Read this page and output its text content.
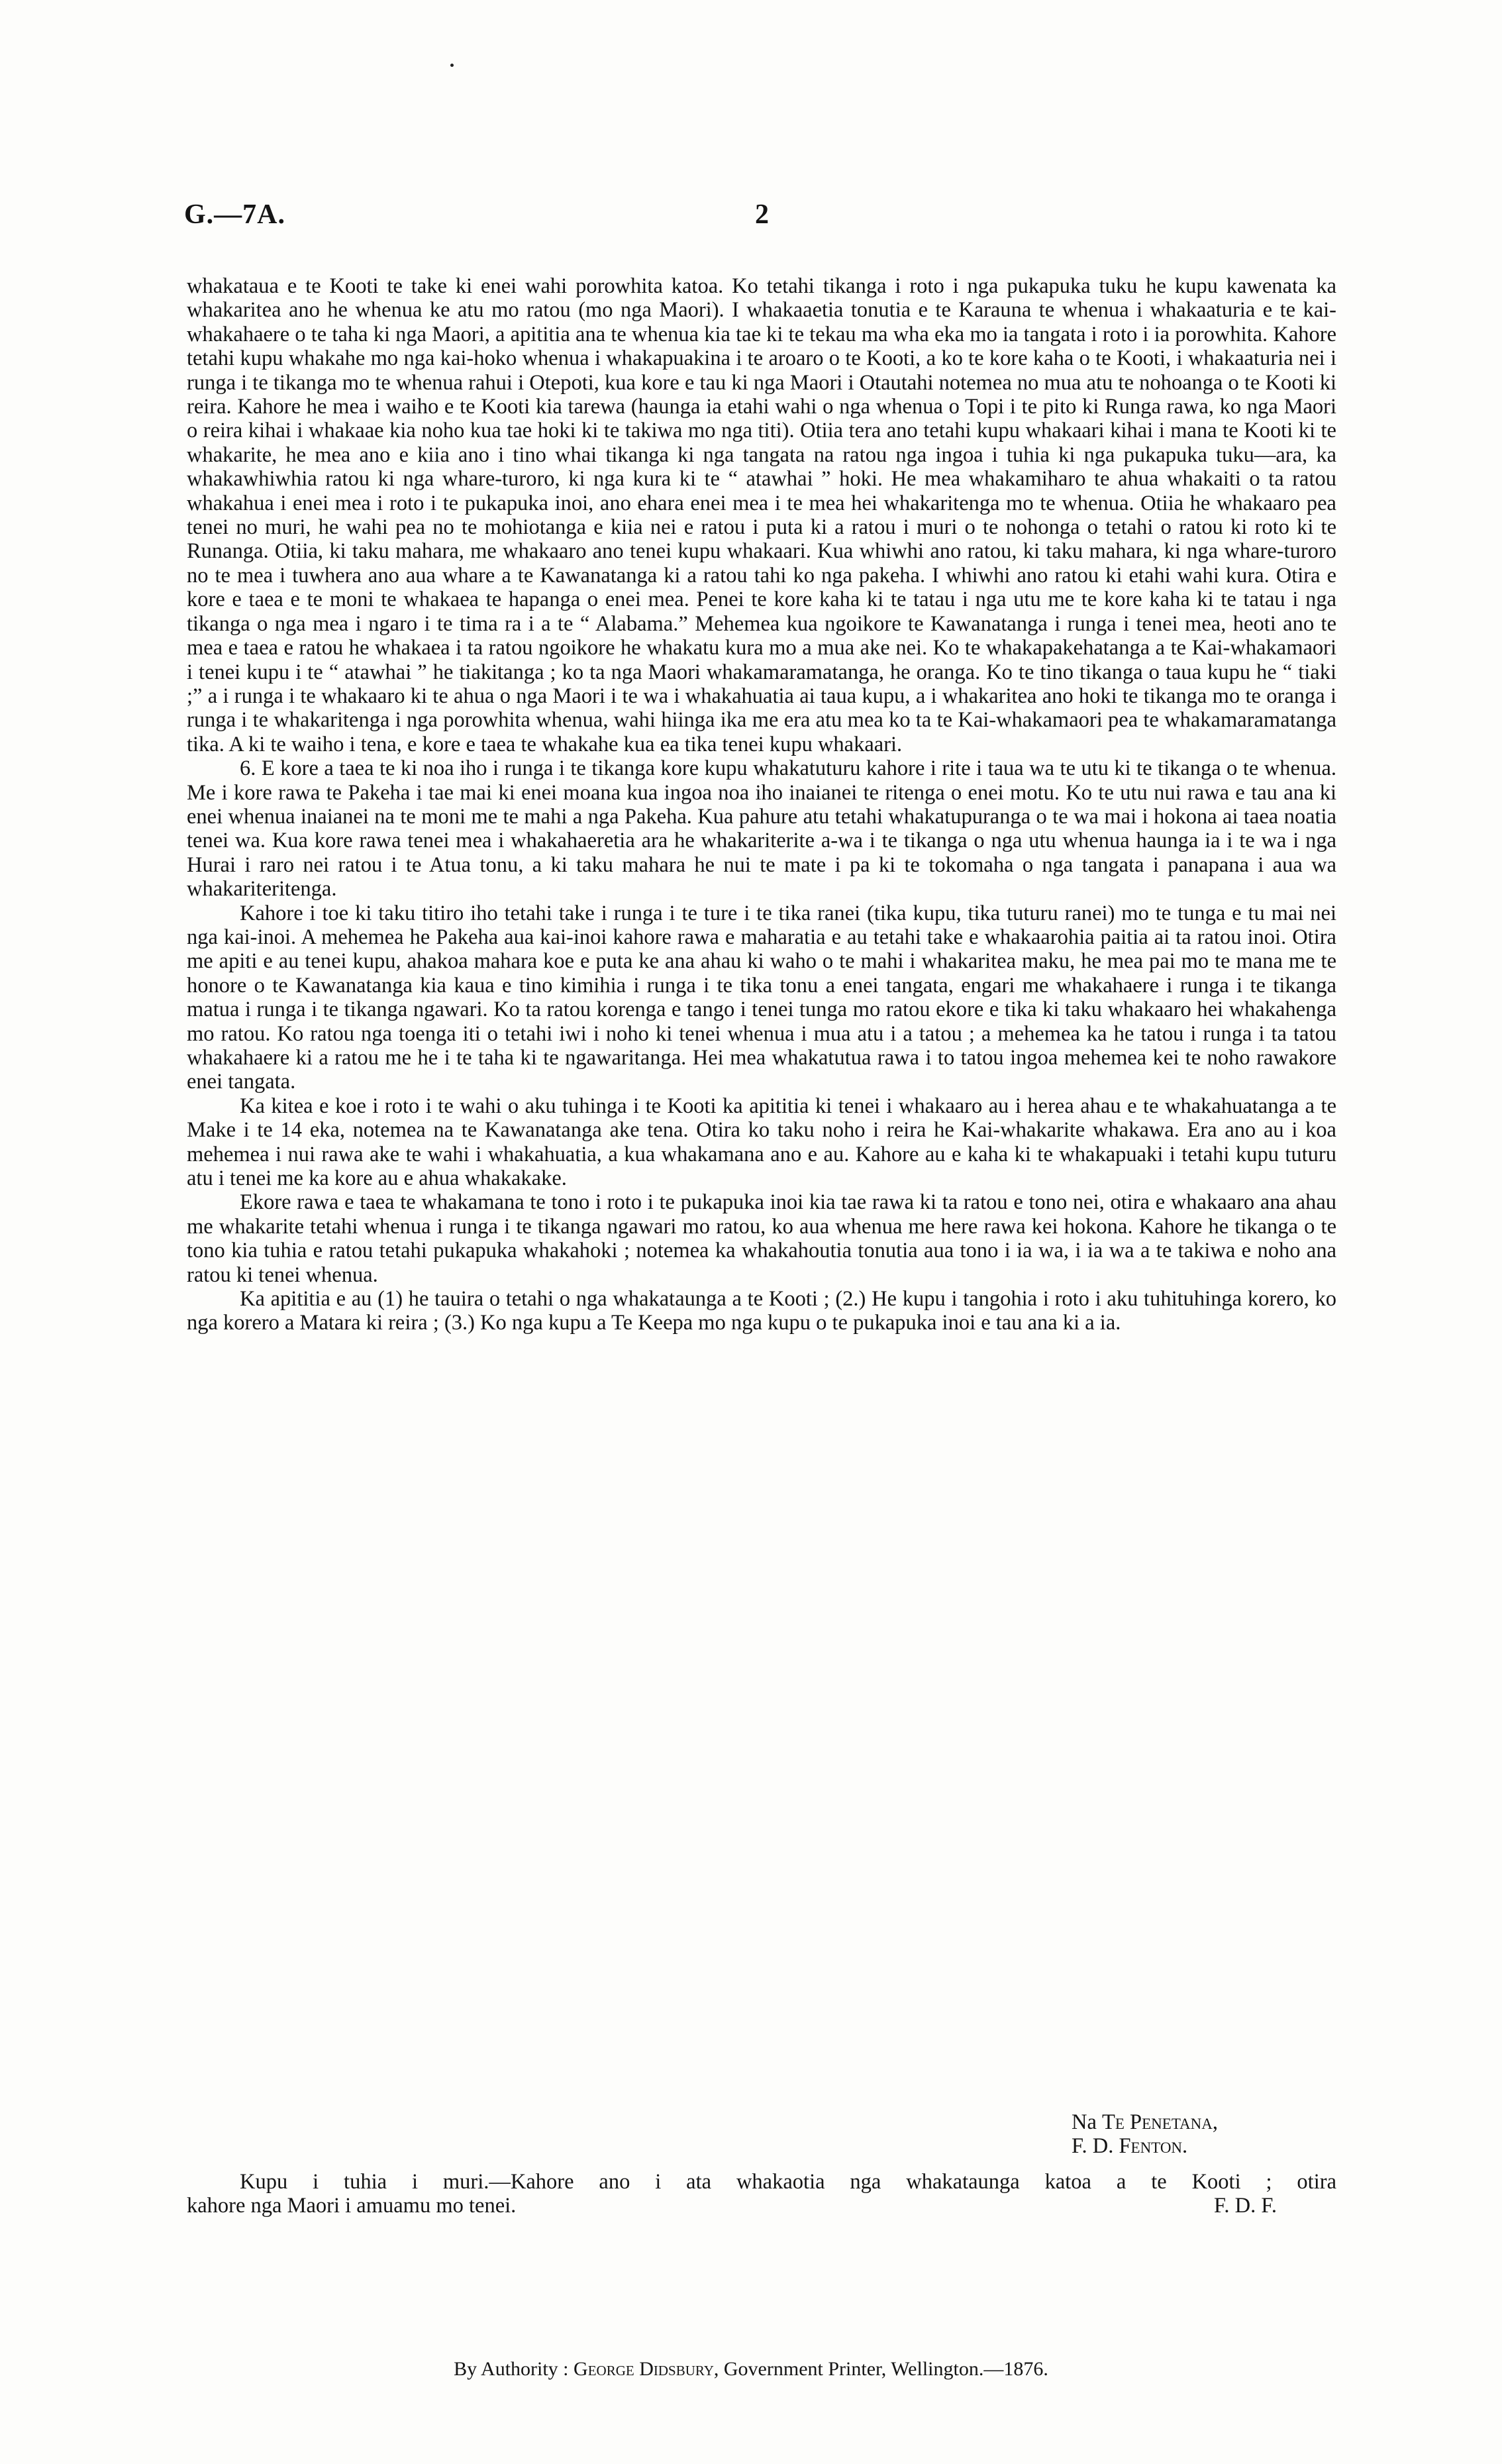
G.—7A.	2

whakataua e te Kooti te take ki enei wahi porowhita katoa. Ko tetahi tikanga i roto i nga pukapuka tuku he kupu kawenata ka whakaritea ano he whenua ke atu mo ratou (mo nga Maori). I whakaaetia tonutia e te Karauna te whenua i whakaaturia e te kai-whakahaere o te taha ki nga Maori, a apititia ana te whenua kia tae ki te tekau ma wha eka mo ia tangata i roto i ia porowhita. Kahore tetahi kupu whakahe mo nga kai-hoko whenua i whakapuakina i te aroaro o te Kooti, a ko te kore kaha o te Kooti, i whakaaturia nei i runga i te tikanga mo te whenua rahui i Otepoti, kua kore e tau ki nga Maori i Otautahi notemea no mua atu te nohoanga o te Kooti ki reira. Kahore he mea i waiho e te Kooti kia tarewa (haunga ia etahi wahi o nga whenua o Topi i te pito ki Runga rawa, ko nga Maori o reira kihai i whakaae kia noho kua tae hoki ki te takiwa mo nga titi). Otiia tera ano tetahi kupu whakaari kihai i mana te Kooti ki te whakarite, he mea ano e kiia ano i tino whai tikanga ki nga tangata na ratou nga ingoa i tuhia ki nga pukapuka tuku—ara, ka whakawhiwhia ratou ki nga whare-turoro, ki nga kura ki te “ atawhai ” hoki. He mea whakamiharo te ahua whakaiti o ta ratou whakahua i enei mea i roto i te pukapuka inoi, ano ehara enei mea i te mea hei whakaritenga mo te whenua. Otiia he whakaaro pea tenei no muri, he wahi pea no te mohiotanga e kiia nei e ratou i puta ki a ratou i muri o te nohonga o tetahi o ratou ki roto ki te Runanga. Otiia, ki taku mahara, me whakaaro ano tenei kupu whakaari. Kua whiwhi ano ratou, ki taku mahara, ki nga whare-turoro no te mea i tuwhera ano aua whare a te Kawanatanga ki a ratou tahi ko nga pakeha. I whiwhi ano ratou ki etahi wahi kura. Otira e kore e taea e te moni te whakaea te hapanga o enei mea. Penei te kore kaha ki te tatau i nga utu me te kore kaha ki te tatau i nga tikanga o nga mea i ngaro i te tima ra i a te “ Alabama.” Mehemea kua ngoikore te Kawanatanga i runga i tenei mea, heoti ano te mea e taea e ratou he whakaea i ta ratou ngoikore he whakatu kura mo a mua ake nei. Ko te whakapakehatanga a te Kai-whakamaori i tenei kupu i te “ atawhai ” he tiakitanga ; ko ta nga Maori whakamaramatanga, he oranga. Ko te tino tikanga o taua kupu he “ tiaki ;” a i runga i te whakaaro ki te ahua o nga Maori i te wa i whakahuatia ai taua kupu, a i whakaritea ano hoki te tikanga mo te oranga i runga i te whakaritenga i nga porowhita whenua, wahi hiinga ika me era atu mea ko ta te Kai-whakamaori pea te whakamaramatanga tika. A ki te waiho i tena, e kore e taea te whakahe kua ea tika tenei kupu whakaari.

6. E kore a taea te ki noa iho i runga i te tikanga kore kupu whakatuturu kahore i rite i taua wa te utu ki te tikanga o te whenua. Me i kore rawa te Pakeha i tae mai ki enei moana kua ingoa noa iho inaianei te ritenga o enei motu. Ko te utu nui rawa e tau ana ki enei whenua inaianei na te moni me te mahi a nga Pakeha. Kua pahure atu tetahi whakatupuranga o te wa mai i hokona ai taea noatia tenei wa. Kua kore rawa tenei mea i whakahaeretia ara he whakariterite a-wa i te tikanga o nga utu whenua haunga ia i te wa i nga Hurai i raro nei ratou i te Atua tonu, a ki taku mahara he nui te mate i pa ki te tokomaha o nga tangata i panapana i aua wa whakariteritenga.

Kahore i toe ki taku titiro iho tetahi take i runga i te ture i te tika ranei (tika kupu, tika tuturu ranei) mo te tunga e tu mai nei nga kai-inoi. A mehemea he Pakeha aua kai-inoi kahore rawa e maharatia e au tetahi take e whakaarohia paitia ai ta ratou inoi. Otira me apiti e au tenei kupu, ahakoa mahara koe e puta ke ana ahau ki waho o te mahi i whakaritea maku, he mea pai mo te mana me te honore o te Kawanatanga kia kaua e tino kimihia i runga i te tika tonu a enei tangata, engari me whakahaere i runga i te tikanga matua i runga i te tikanga ngawari. Ko ta ratou korenga e tango i tenei tunga mo ratou ekore e tika ki taku whakaaro hei whakahenga mo ratou. Ko ratou nga toenga iti o tetahi iwi i noho ki tenei whenua i mua atu i a tatou ; a mehemea ka he tatou i runga i ta tatou whakahaere ki a ratou me he i te taha ki te ngawaritanga. Hei mea whakatutua rawa i to tatou ingoa mehemea kei te noho rawakore enei tangata.

Ka kitea e koe i roto i te wahi o aku tuhinga i te Kooti ka apititia ki tenei i whakaaro au i herea ahau e te whakahuatanga a te Make i te 14 eka, notemea na te Kawanatanga ake tena. Otira ko taku noho i reira he Kai-whakarite whakawa. Era ano au i koa mehemea i nui rawa ake te wahi i whakahuatia, a kua whakamana ano e au. Kahore au e kaha ki te whakapuaki i tetahi kupu tuturu atu i tenei me ka kore au e ahua whakakake.

Ekore rawa e taea te whakamana te tono i roto i te pukapuka inoi kia tae rawa ki ta ratou e tono nei, otira e whakaaro ana ahau me whakarite tetahi whenua i runga i te tikanga ngawari mo ratou, ko aua whenua me here rawa kei hokona. Kahore he tikanga o te tono kia tuhia e ratou tetahi pukapuka whakahoki ; notemea ka whakahoutia tonutia aua tono i ia wa, i ia wa a te takiwa e noho ana ratou ki tenei whenua.

Ka apititia e au (1) he tauira o tetahi o nga whakataunga a te Kooti ; (2.) He kupu i tangohia i roto i aku tuhituhinga korero, ko nga korero a Matara ki reira ; (3.) Ko nga kupu a Te Keepa mo nga kupu o te pukapuka inoi e tau ana ki a ia.

Na Te Penetana,
F. D. Fenton.
Kupu i tuhia i muri.—Kahore ano i ata whakaotia nga whakataunga katoa a te Kooti ; otira
kahore nga Maori i amuamu mo tenei.	F. D. F.
By Authority : George Didsbury, Government Printer, Wellington.—1876.
